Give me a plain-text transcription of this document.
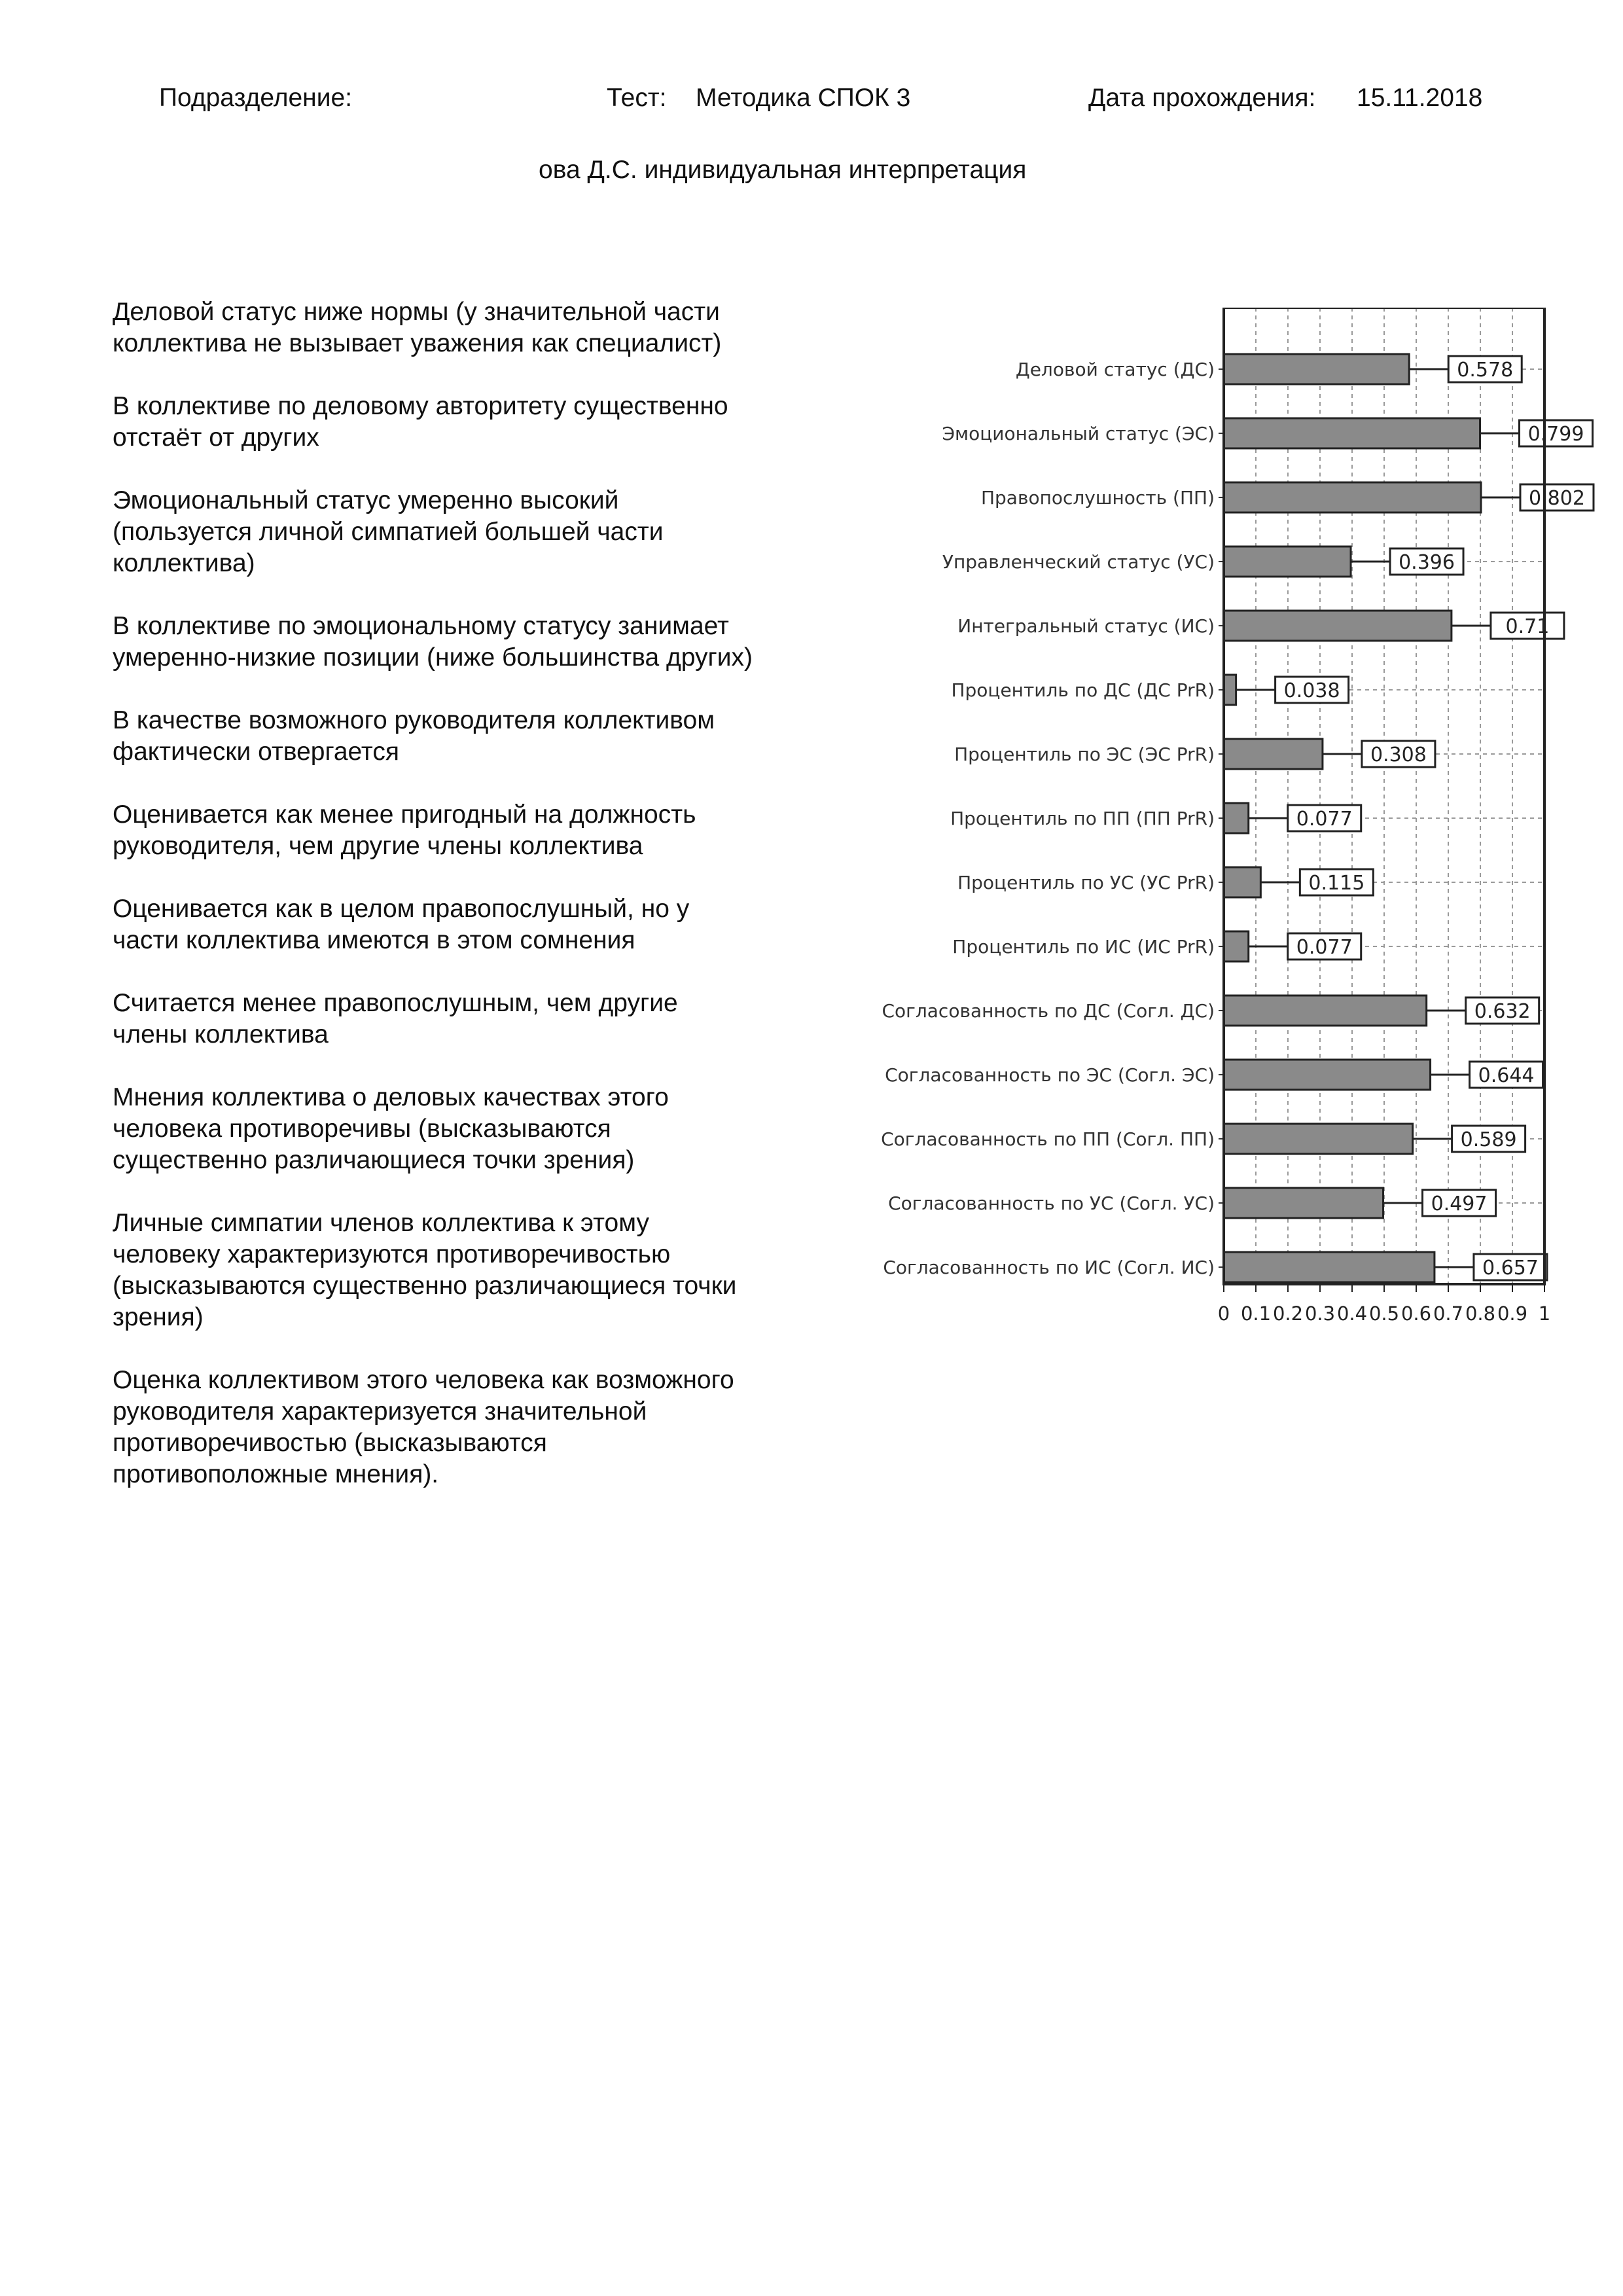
Подразделение:	Тест: Методика СПОК 3	Дата прохождения: 15.11.2018
ова Д.С. индивидуальная интерпретация

Деловой статус ниже нормы (у значительной части коллектива не вызывает уважения как специалист)

В коллективе по деловому авторитету существенно отстаёт от других

Эмоциональный статус умеренно высокий (пользуется личной симпатией большей части коллектива)

В коллективе по эмоциональному статусу занимает умеренно-низкие позиции (ниже большинства других)

В качестве возможного руководителя коллективом фактически отвергается

Оценивается как менее пригодный на должность руководителя, чем другие члены коллектива

Оценивается как в целом правопослушный, но у части коллектива имеются в этом сомнения

Считается менее правопослушным, чем другие члены коллектива

Мнения коллектива о деловых качествах этого человека противоречивы (высказываются существенно различающиеся точки зрения)

Личные симпатии членов коллектива к этому человеку характеризуются противоречивостью (высказываются существенно различающиеся точки зрения)

Оценка коллективом этого человека как возможного руководителя характеризуется значительной противоречивостью (высказываются противоположные мнения).

Деловой статус (ДС)	0.578
Эмоциональный статус (ЭС)	0.799
Правопослушность (ПП)	0.802
Управленческий статус (УС)	0.396
Интегральный статус (ИС)	0.71
Процентиль по ДС (ДС PrR)	0.038
Процентиль по ЭС (ЭС PrR)	0.308
Процентиль по ПП (ПП PrR)	0.077
Процентиль по УС (УС PrR)	0.115
Процентиль по ИС (ИС PrR)	0.077
Согласованность по ДС (Согл. ДС)	0.632
Согласованность по ЭС (Согл. ЭС)	0.644
Согласованность по ПП (Согл. ПП)	0.589
Согласованность по УС (Согл. УС)	0.497
Согласованность по ИС (Согл. ИС)	0.657
0 0.1 0.2 0.3 0.4 0.5 0.6 0.7 0.8 0.9 1
